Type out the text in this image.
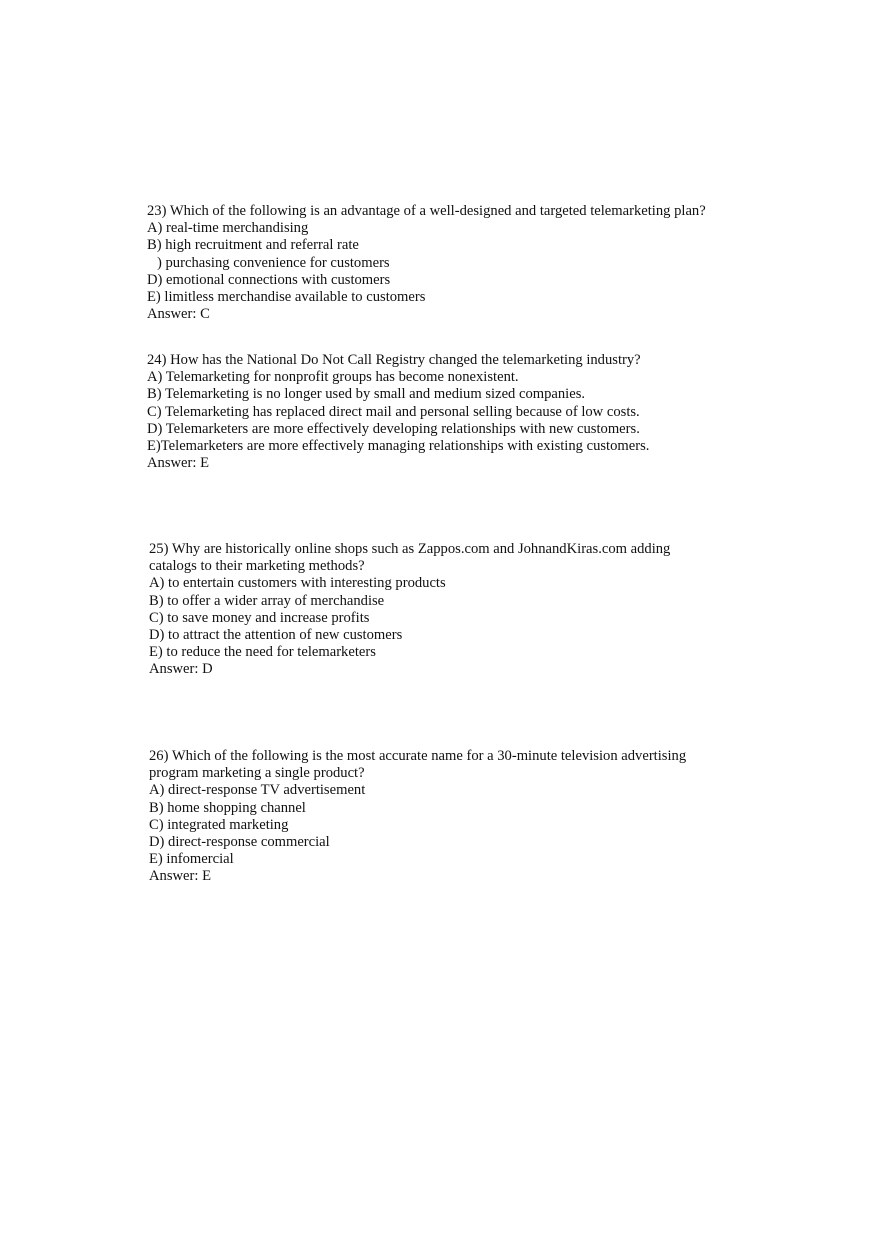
23) Which of the following is an advantage of a well-designed and targeted telemarketing plan?
A) real-time merchandising
B) high recruitment and referral rate
) purchasing convenience for customers
D) emotional connections with customers
E) limitless merchandise available to customers
Answer: C
24) How has the National Do Not Call Registry changed the telemarketing industry?
A) Telemarketing for nonprofit groups has become nonexistent.
B) Telemarketing is no longer used by small and medium sized companies.
C) Telemarketing has replaced direct mail and personal selling because of low costs.
D) Telemarketers are more effectively developing relationships with new customers.
E)Telemarketers are more effectively managing relationships with existing customers.
Answer: E
25) Why are historically online shops such as Zappos.com and JohnandKiras.com adding
catalogs to their marketing methods?
A) to entertain customers with interesting products
B) to offer a wider array of merchandise
C) to save money and increase profits
D) to attract the attention of new customers
E) to reduce the need for telemarketers
Answer: D
26) Which of the following is the most accurate name for a 30-minute television advertising
program marketing a single product?
A) direct-response TV advertisement
B) home shopping channel
C) integrated marketing
D) direct-response commercial
E) infomercial
Answer: E
